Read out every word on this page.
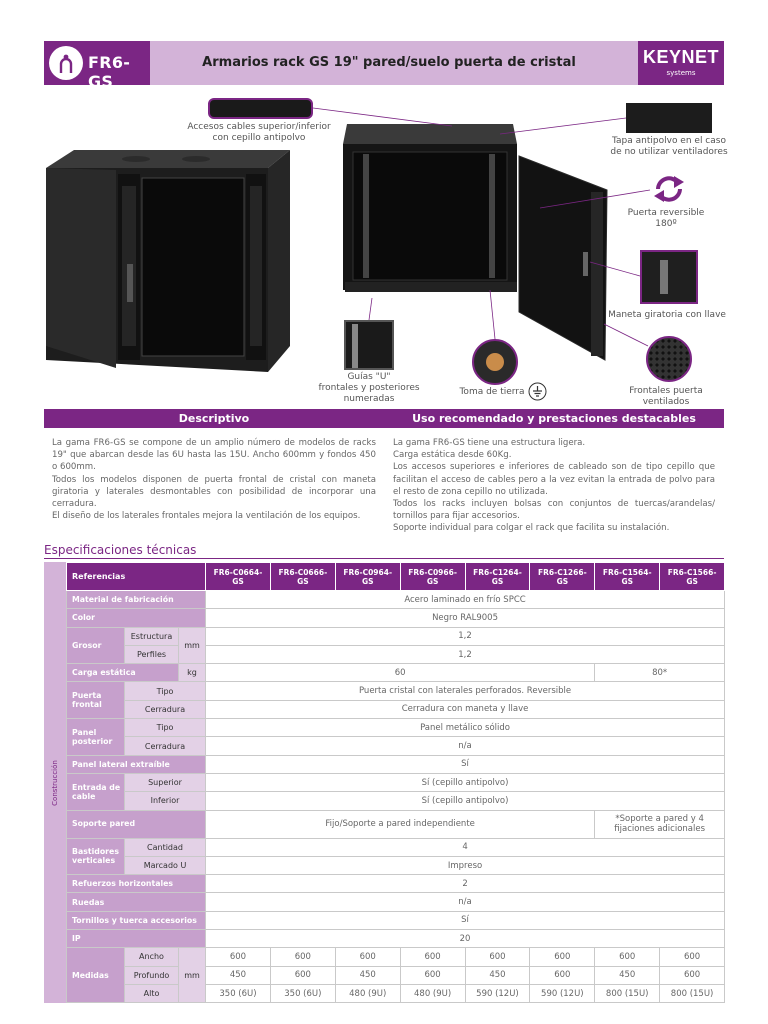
FR6-GS
Armarios rack GS 19" pared/suelo puerta de cristal	KEYNET
systems
Accesos cables superior/inferior
con cepillo antipolvo	Tapa antipolvo en el caso
de no utilizar ventiladores
Puerta reversible
180º
Maneta giratoria con llave
Guías "U"
frontales y posteriores
numeradas
Toma de tierra	Frontales puerta
ventilados
Descriptivo	Uso recomendado y prestaciones destacables

La gama FR6-GS se compone de un amplio número de modelos de racks 19" que abarcan desde las 6U hasta las 15U. Ancho 600mm y fondos 450 o 600mm.

Todos los modelos disponen de puerta frontal de cristal con maneta giratoria y laterales desmontables con posibilidad de incorporar una cerradura.

El diseño de los laterales frontales mejora la ventilación de los equipos.

La gama FR6-GS tiene una estructura ligera.

Carga estática desde 60Kg.

Los accesos superiores e inferiores de cableado son de tipo cepillo que facilitan el acceso de cables pero a la vez evitan la entrada de polvo para el resto de zona cepillo no utilizada.

Todos los racks incluyen bolsas con conjuntos de tuercas/arandelas/ tornillos para fijar accesorios.

Soporte individual para colgar el rack que facilita su instalación.

Especificaciones técnicas
Construcción
Referencias			FR6-C0664-GS	FR6-C0666-GS	FR6-C0964-GS	FR6-C0966-GS	FR6-C1264-GS	FR6-C1266-GS	FR6-C1564-GS	FR6-C1566-GS
Material de fabricación			Acero laminado en frío SPCC							
Color			Negro RAL9005							
Grosor	Estructura	mm	1,2							
	Perfiles		1,2							
Carga estática		kg	60						80*	
Puerta frontal	Tipo		Puerta cristal con laterales perforados. Reversible							
	Cerradura		Cerradura con maneta y llave							
Panel posterior	Tipo		Panel metálico sólido							
	Cerradura		n/a							
Panel lateral extraíble			Sí							
Entrada de cable	Superior		Sí (cepillo antipolvo)							
	Inferior		Sí (cepillo antipolvo)							
Soporte pared			Fijo/Soporte a pared independiente						*Soporte a pared y 4 fijaciones adicionales	
Bastidores verticales	Cantidad		4							
	Marcado U		Impreso							
Refuerzos horizontales			2							
Ruedas			n/a							
Tornillos y tuerca accesorios			Sí							
IP			20							
Medidas	Ancho	mm	600	600	600	600	600	600	600	600
	Profundo		450	600	450	600	450	600	450	600
	Alto		350 (6U)	350 (6U)	480 (9U)	480 (9U)	590 (12U)	590 (12U)	800 (15U)	800 (15U)
